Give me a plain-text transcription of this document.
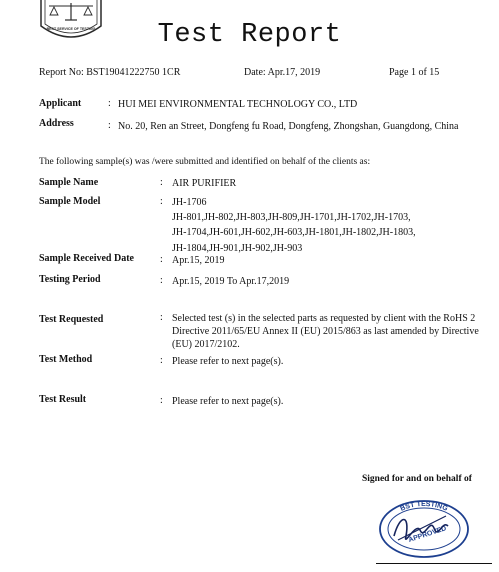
BEST SERVICE OF TESTING	Test Report
Report No: BST19041222750 1CR	Date: Apr.17, 2019	Page 1 of 15
Applicant	: HUI MEI ENVIRONMENTAL TECHNOLOGY CO., LTD
Address	: No. 20, Ren an Street, Dongfeng fu Road, Dongfeng, Zhongshan, Guangdong, China
The following sample(s) was /were submitted and identified on behalf of the clients as:
Sample Name	: AIR PURIFIER
Sample Model	: JH-1706
JH-801,JH-802,JH-803,JH-809,JH-1701,JH-1702,JH-1703,
JH-1704,JH-601,JH-602,JH-603,JH-1801,JH-1802,JH-1803,
JH-1804,JH-901,JH-902,JH-903
Sample Received Date	: Apr.15, 2019
Testing Period	: Apr.15, 2019 To Apr.17,2019
Test Requested	: Selected test (s) in the selected parts as requested by client with the RoHS 2
Directive 2011/65/EU Annex II (EU) 2015/863 as last amended by Directive
(EU) 2017/2102.
Test Method	: Please refer to next page(s).
Test Result	: Please refer to next page(s).
Signed for and on behalf of
BST TESTING
APPROVED
